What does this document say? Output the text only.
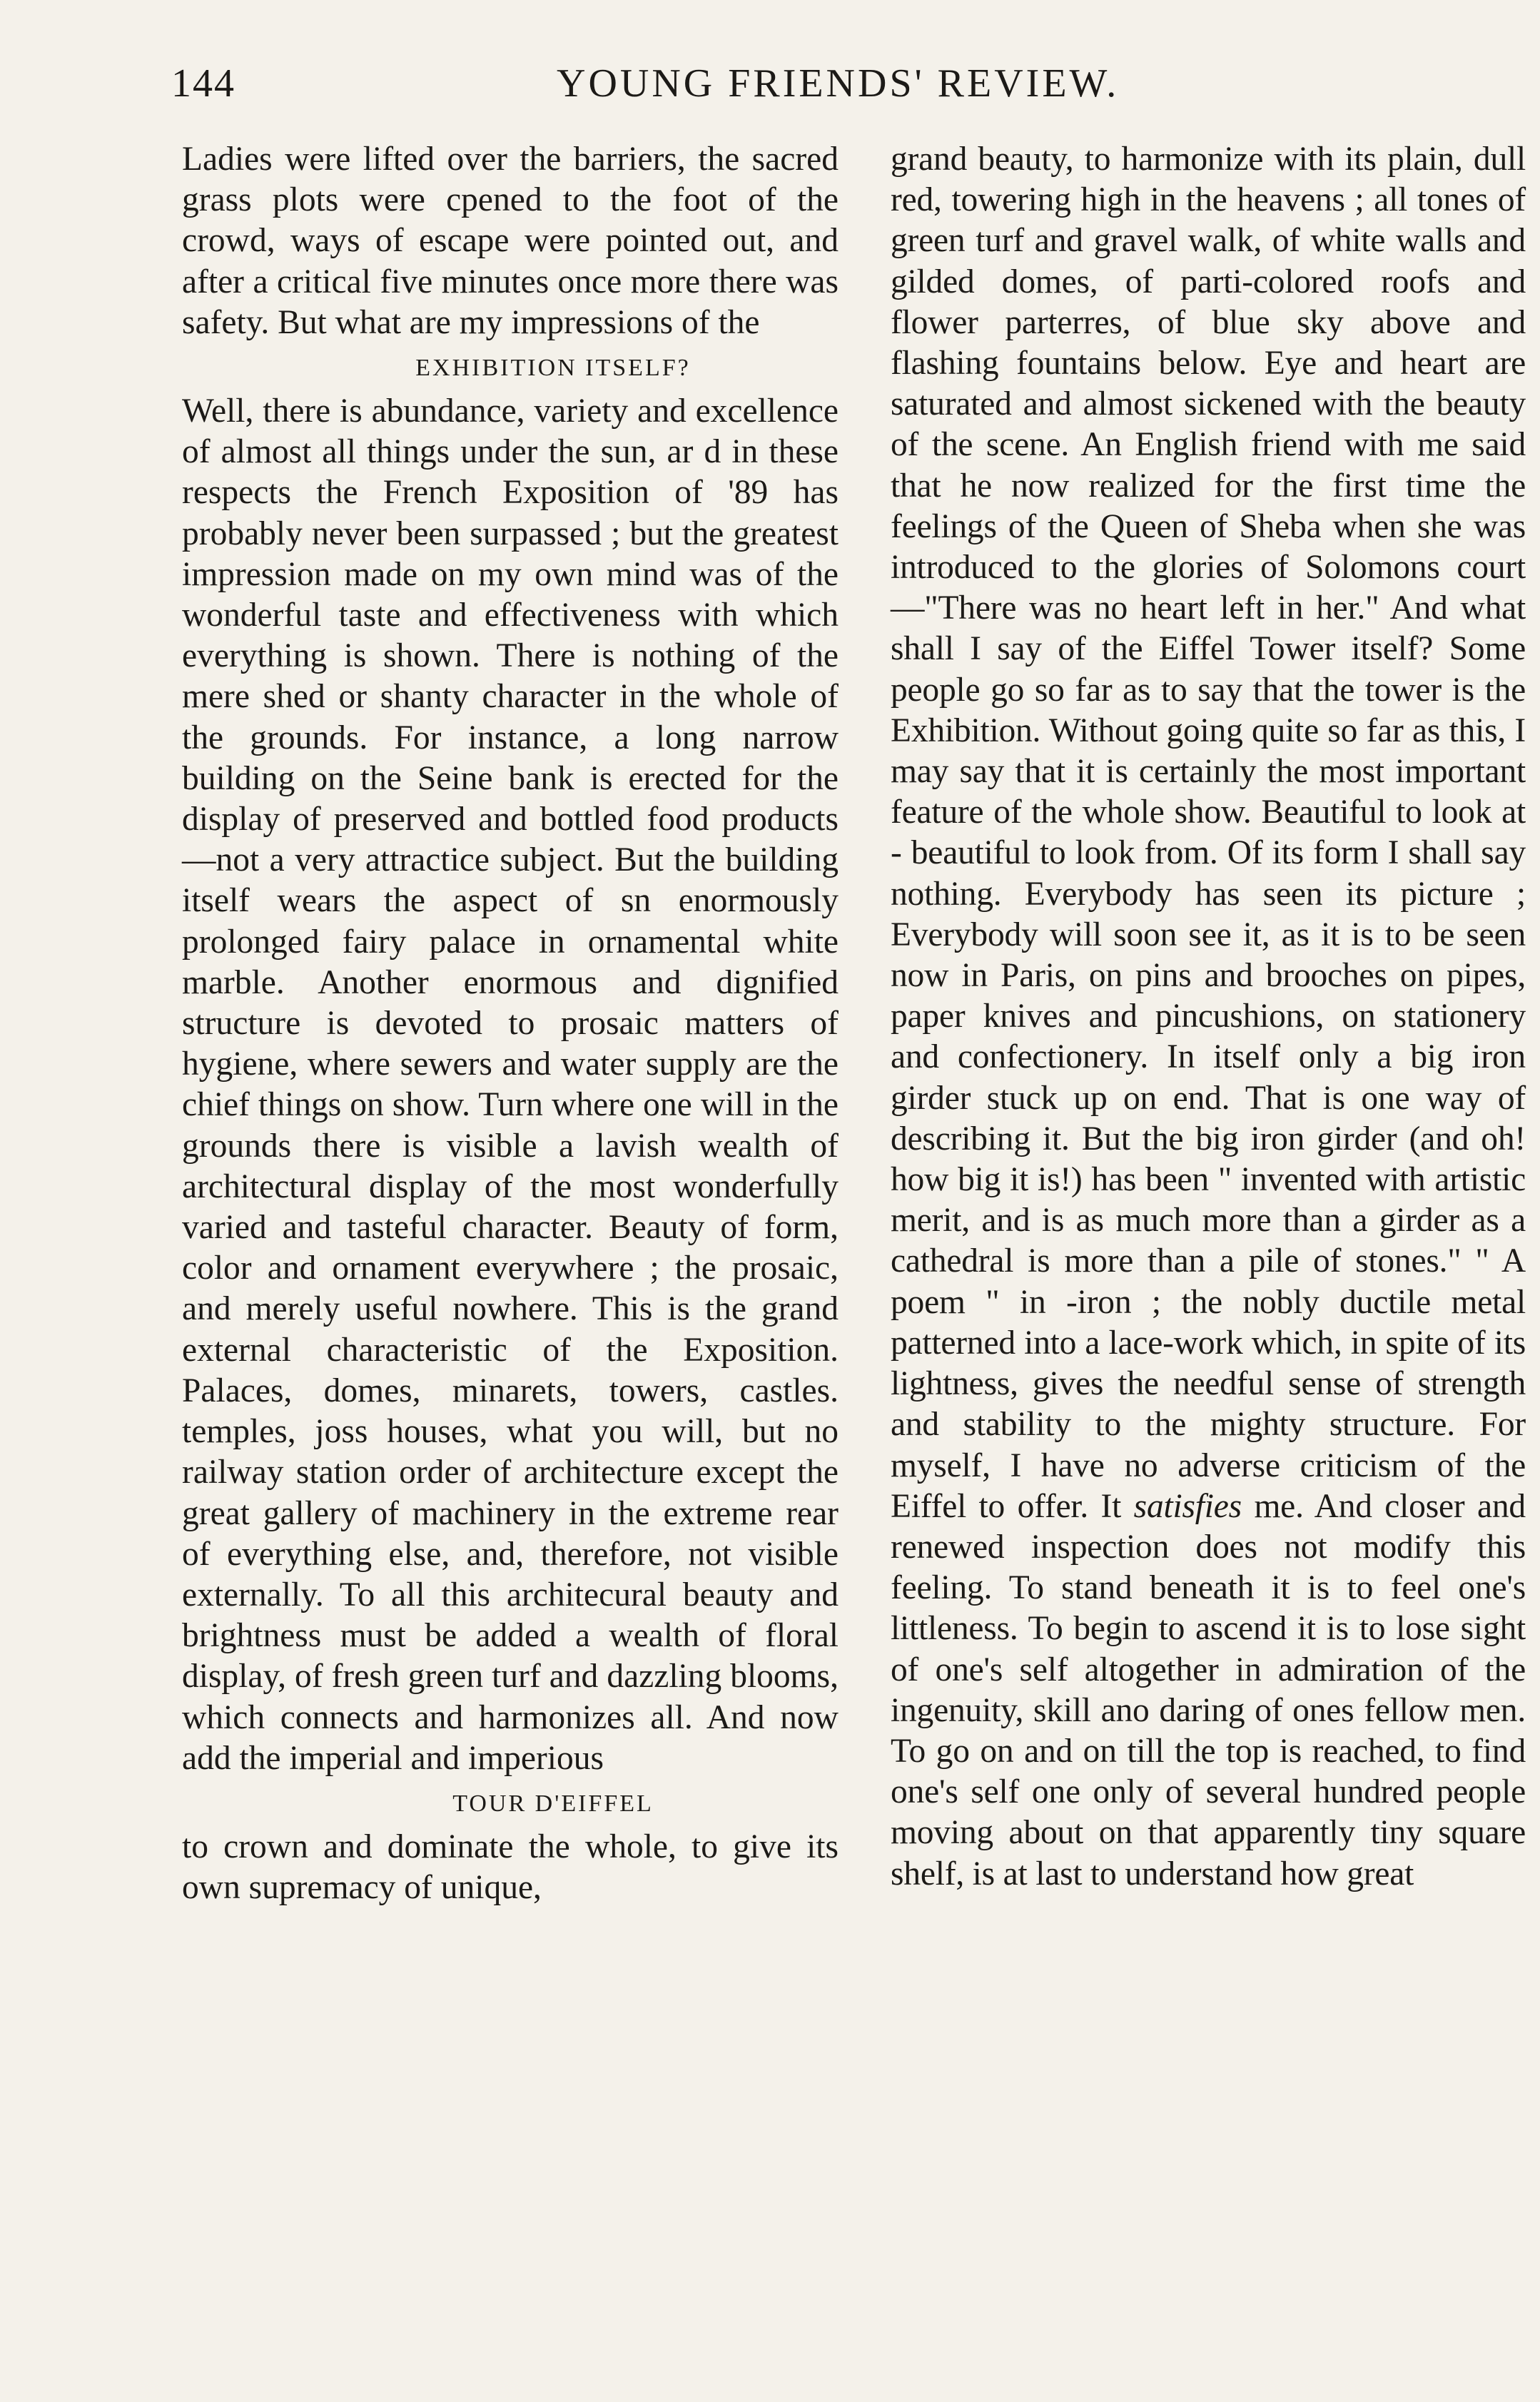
144	YOUNG FRIENDS' REVIEW.

Ladies were lifted over the barriers, the sacred grass plots were cpened to the foot of the crowd, ways of escape were pointed out, and after a critical five minutes once more there was safety. But what are my impressions of the

EXHIBITION ITSELF?

Well, there is abundance, variety and excellence of almost all things under the sun, ar d in these respects the French Exposition of '89 has probably never been surpassed ; but the greatest impression made on my own mind was of the wonderful taste and effectiveness with which everything is shown. There is nothing of the mere shed or shanty character in the whole of the grounds. For instance, a long narrow building on the Seine bank is erected for the display of preserved and bottled food products—not a very attractice subject. But the building itself wears the aspect of sn enormously prolonged fairy palace in ornamental white marble. Another enormous and dignified structure is devoted to prosaic matters of hygiene, where sewers and water supply are the chief things on show. Turn where one will in the grounds there is visible a lavish wealth of architectural display of the most wonderfully varied and tasteful character. Beauty of form, color and ornament everywhere ; the prosaic, and merely useful nowhere. This is the grand external characteristic of the Exposition. Palaces, domes, minarets, towers, castles. temples, joss houses, what you will, but no railway station order of architecture except the great gallery of machinery in the extreme rear of everything else, and, therefore, not visible externally. To all this architecural beauty and brightness must be added a wealth of floral display, of fresh green turf and dazzling blooms, which connects and harmonizes all. And now add the imperial and imperious

TOUR D'EIFFEL

to crown and dominate the whole, to give its own supremacy of unique,

grand beauty, to harmonize with its plain, dull red, towering high in the heavens ; all tones of green turf and gravel walk, of white walls and gilded domes, of parti-colored roofs and flower parterres, of blue sky above and flashing fountains below. Eye and heart are saturated and almost sickened with the beauty of the scene. An English friend with me said that he now realized for the first time the feelings of the Queen of Sheba when she was introduced to the glories of Solomons court—"There was no heart left in her." And what shall I say of the Eiffel Tower itself? Some people go so far as to say that the tower is the Exhibition. Without going quite so far as this, I may say that it is certainly the most important feature of the whole show. Beautiful to look at - beautiful to look from. Of its form I shall say nothing. Everybody has seen its picture ; Everybody will soon see it, as it is to be seen now in Paris, on pins and brooches on pipes, paper knives and pincushions, on stationery and confectionery. In itself only a big iron girder stuck up on end. That is one way of describing it. But the big iron girder (and oh! how big it is!) has been " invented with artistic merit, and is as much more than a girder as a cathedral is more than a pile of stones." " A poem " in -iron ; the nobly ductile metal patterned into a lace-work which, in spite of its lightness, gives the needful sense of strength and stability to the mighty structure. For myself, I have no adverse criticism of the Eiffel to offer. It satisfies me. And closer and renewed inspection does not modify this feeling. To stand beneath it is to feel one's littleness. To begin to ascend it is to lose sight of one's self altogether in admiration of the ingenuity, skill ano daring of ones fellow men. To go on and on till the top is reached, to find one's self one only of several hundred people moving about on that apparently tiny square shelf, is at last to understand how great
